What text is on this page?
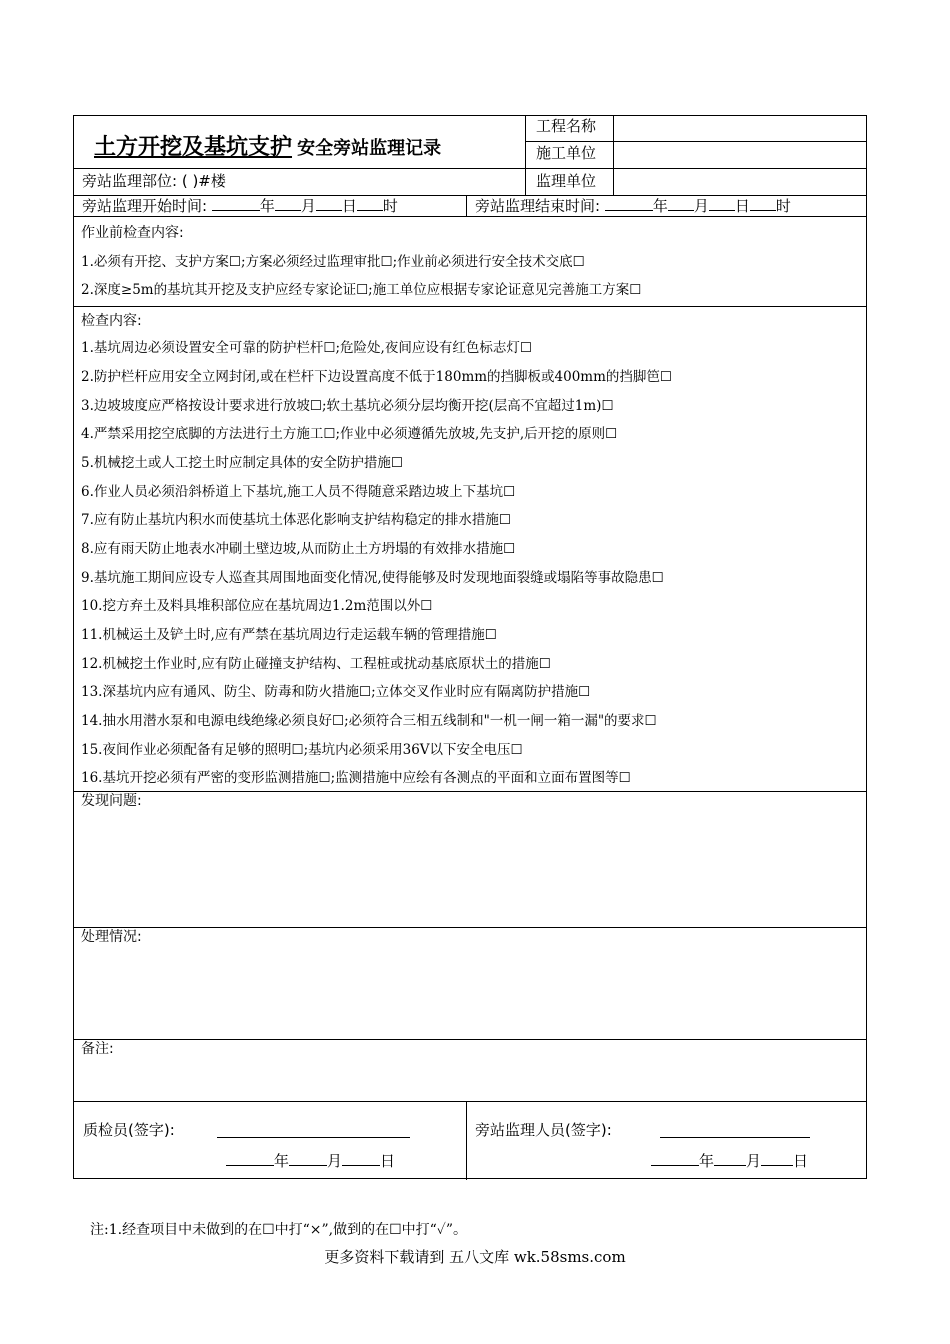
土方开挖及基坑支护 安全旁站监理记录
工程名称
施工单位
旁站监理部位: ( )#楼	监理单位
旁站监理开始时间:	年 月 日 时	旁站监理结束时间:	年 月 日 时
作业前检查内容:
1.必须有开挖、支护方案☐;方案必须经过监理审批☐;作业前必须进行安全技术交底☐
2.深度≥5m的基坑其开挖及支护应经专家论证☐;施工单位应根据专家论证意见完善施工方案☐
检查内容:
1.基坑周边必须设置安全可靠的防护栏杆☐;危险处,夜间应设有红色标志灯☐
2.防护栏杆应用安全立网封闭,或在栏杆下边设置高度不低于180mm的挡脚板或400mm的挡脚笆☐
3.边坡坡度应严格按设计要求进行放坡☐;软土基坑必须分层均衡开挖(层高不宜超过1m)☐
4.严禁采用挖空底脚的方法进行土方施工☐;作业中必须遵循先放坡,先支护,后开挖的原则☐
5.机械挖土或人工挖土时应制定具体的安全防护措施☐
6.作业人员必须沿斜桥道上下基坑,施工人员不得随意采踏边坡上下基坑☐
7.应有防止基坑内积水而使基坑土体恶化影响支护结构稳定的排水措施☐
8.应有雨天防止地表水冲刷土壁边坡,从而防止土方坍塌的有效排水措施☐
9.基坑施工期间应设专人巡查其周围地面变化情况,使得能够及时发现地面裂缝或塌陷等事故隐患☐
10.挖方弃土及料具堆积部位应在基坑周边1.2m范围以外☐
11.机械运土及铲土时,应有严禁在基坑周边行走运载车辆的管理措施☐
12.机械挖土作业时,应有防止碰撞支护结构、工程桩或扰动基底原状土的措施☐
13.深基坑内应有通风、防尘、防毒和防火措施☐;立体交叉作业时应有隔离防护措施☐
14.抽水用潜水泵和电源电线绝缘必须良好☐;必须符合三相五线制和"一机一闸一箱一漏"的要求☐
15.夜间作业必须配备有足够的照明☐;基坑内必须采用36V以下安全电压☐
16.基坑开挖必须有严密的变形监测措施☐;监测措施中应绘有各测点的平面和立面布置图等☐
发现问题:
处理情况:
备注:
质检员(签字):
年	月	日
旁站监理人员(签字):
年 月 日
注:1.经查项目中未做到的在☐中打“×”,做到的在☐中打“✓”。
更多资料下载请到 五八文库 wk.58sms.com
